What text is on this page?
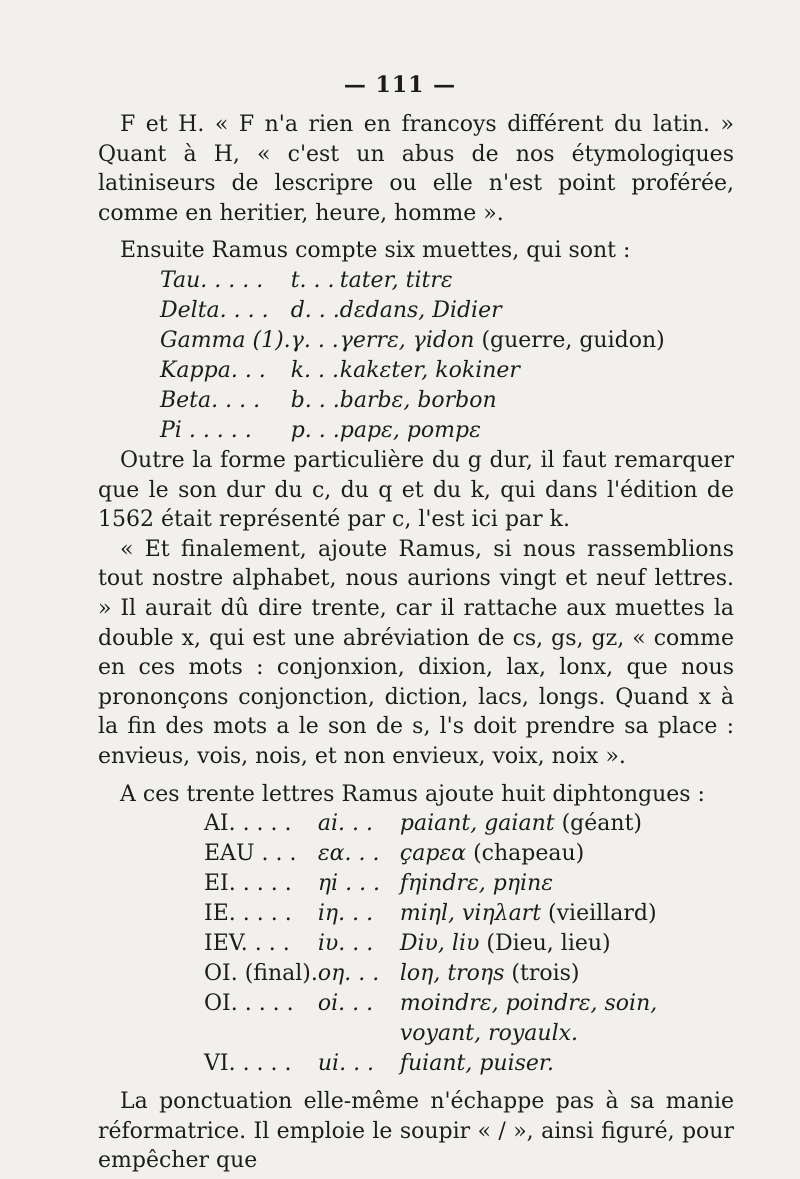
— 111 —

F et H. « F n'a rien en francoys différent du latin. » Quant à H, « c'est un abus de nos étymologiques latiniseurs de lescripre ou elle n'est point proférée, comme en heritier, heure, homme ».

Ensuite Ramus compte six muettes, qui sont :

Tau. . . . .	t. . .	tater, titrɛ
Delta. . . .	d. . .	dɛdans, Didier
Gamma (1).	γ. . .	γerrɛ, γidon (guerre, guidon)
Kappa. . .	k. . .	kakɛter, kokiner
Beta. . . .	b. . .	barbɛ, borbon
Pi . . . . .	p. . .	papɛ, pompɛ

Outre la forme particulière du g dur, il faut remarquer que le son dur du c, du q et du k, qui dans l'édition de 1562 était représenté par c, l'est ici par k.

« Et finalement, ajoute Ramus, si nous rassemblions tout nostre alphabet, nous aurions vingt et neuf lettres. » Il aurait dû dire trente, car il rattache aux muettes la double x, qui est une abréviation de cs, gs, gz, « comme en ces mots : conjonxion, dixion, lax, lonx, que nous prononçons conjonction, diction, lacs, longs. Quand x à la fin des mots a le son de s, l's doit prendre sa place : envieus, vois, nois, et non envieux, voix, noix ».

A ces trente lettres Ramus ajoute huit diphtongues :

AI. . . . .	ai. . .	paiant, gaiant (géant)
EAU . . .	ɛα. . .	çapɛα (chapeau)
EI. . . . .	ηi . . .	fηindrɛ, pηinɛ
IE. . . . .	iη. . .	miηl, viηλart (vieillard)
IEV. . . .	iυ. . .	Diυ, liυ (Dieu, lieu)
OI. (final).	oη. . .	loη, troηs (trois)
OI. . . . .	oi. . .	moindrɛ, poindrɛ, soin,
		voyant, royaulx.
VI. . . . .	ui. . .	fuiant, puiser.

La ponctuation elle-même n'échappe pas à sa manie réformatrice. Il emploie le soupir « / », ainsi figuré, pour empêcher que
